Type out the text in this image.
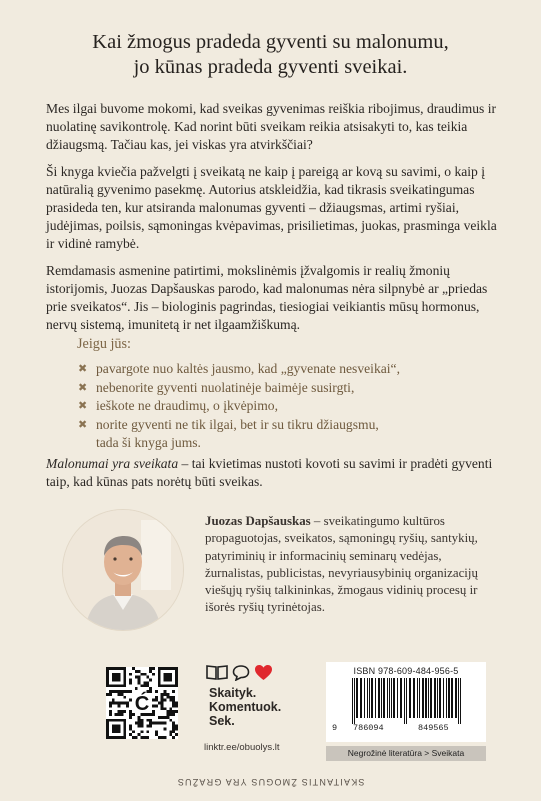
Kai žmogus pradeda gyventi su malonumu,
jo kūnas pradeda gyventi sveikai.

Mes ilgai buvome mokomi, kad sveikas gyvenimas reiškia ribojimus, draudimus ir nuolatinę savikontrolę. Kad norint būti sveikam reikia atsisakyti to, kas teikia džiaugsmą. Tačiau kas, jei viskas yra atvirkščiai?

Ši knyga kviečia pažvelgti į sveikatą ne kaip į pareigą ar kovą su savimi, o kaip į natūralią gyvenimo pasekmę. Autorius atskleidžia, kad tikrasis sveikatingumas prasideda ten, kur atsiranda malonumas gyventi – džiaugsmas, artimi ryšiai, judėjimas, poilsis, sąmoningas kvėpavimas, prisilietimas, juokas, prasminga veikla ir vidinė ramybė.

Remdamasis asmenine patirtimi, mokslinėmis įžvalgomis ir realių žmonių istorijomis, Juozas Dapšauskas parodo, kad malonumas nėra silpnybė ar „priedas prie sveikatos“. Jis – biologinis pagrindas, tiesiogiai veikiantis mūsų hormonus, nervų sistemą, imunitetą ir net ilgaamžiškumą.

Jeigu jūs:
✖ pavargote nuo kaltės jausmo, kad „gyvenate nesveikai“,
✖ nebenorite gyventi nuolatinėje baimėje susirgti,
✖ ieškote ne draudimų, o įkvėpimo,
✖ norite gyventi ne tik ilgai, bet ir su tikru džiaugsmu,
tada ši knyga jums.

Malonumai yra sveikata – tai kvietimas nustoti kovoti su savimi ir pradėti gyventi taip, kad kūnas pats norėtų būti sveikas.

Juozas Dapšauskas – sveikatingumo kultūros propaguotojas, sveikatos, sąmoningų ryšių, santykių, patyriminių ir informacinių seminarų vedėjas, žurnalistas, publicistas, nevyriausybinių organizacijų viešųjų ryšių talkininkas, žmogaus vidinių procesų ir išorės ryšių tyrinėtojas.
Ć
Skaityk.
Komentuok.
Sek.
linktr.ee/obuolys.lt
ISBN 978-609-484-956-5
9 786094	849565
Negrožinė literatūra > Sveikata
SKAITANTIS ŽMOGUS YRA GRAŽUS
